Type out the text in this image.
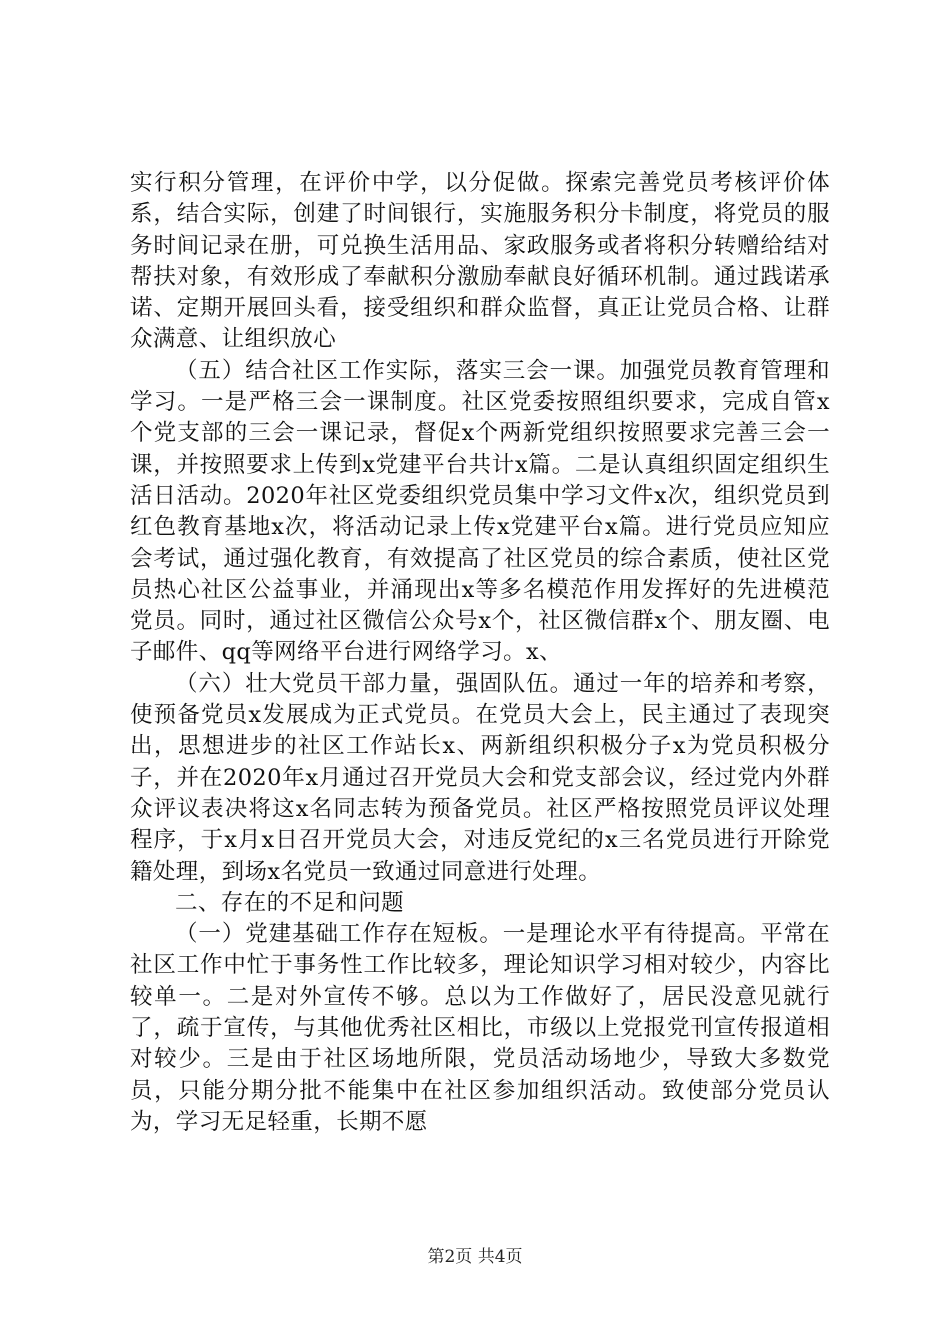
实行积分管理，在评价中学，以分促做。探索完善党员考核评价体系，结合实际，创建了时间银行，实施服务积分卡制度，将党员的服务时间记录在册，可兑换生活用品、家政服务或者将积分转赠给结对帮扶对象，有效形成了奉献积分激励奉献良好循环机制。通过践诺承诺、定期开展回头看，接受组织和群众监督，真正让党员合格、让群众满意、让组织放心

（五）结合社区工作实际，落实三会一课。加强党员教育管理和学习。一是严格三会一课制度。社区党委按照组织要求，完成自管x个党支部的三会一课记录，督促x个两新党组织按照要求完善三会一课，并按照要求上传到x党建平台共计x篇。二是认真组织固定组织生活日活动。2020年社区党委组织党员集中学习文件x次，组织党员到红色教育基地x次，将活动记录上传x党建平台x篇。进行党员应知应会考试，通过强化教育，有效提高了社区党员的综合素质，使社区党员热心社区公益事业，并涌现出x等多名模范作用发挥好的先进模范党员。同时，通过社区微信公众号x个，社区微信群x个、朋友圈、电子邮件、qq等网络平台进行网络学习。x、

（六）壮大党员干部力量，强固队伍。通过一年的培养和考察，使预备党员x发展成为正式党员。在党员大会上，民主通过了表现突出，思想进步的社区工作站长x、两新组织积极分子x为党员积极分子，并在2020年x月通过召开党员大会和党支部会议，经过党内外群众评议表决将这x名同志转为预备党员。社区严格按照党员评议处理程序，于x月x日召开党员大会，对违反党纪的x三名党员进行开除党籍处理，到场x名党员一致通过同意进行处理。

二、存在的不足和问题

（一）党建基础工作存在短板。一是理论水平有待提高。平常在社区工作中忙于事务性工作比较多，理论知识学习相对较少，内容比较单一。二是对外宣传不够。总以为工作做好了，居民没意见就行了，疏于宣传，与其他优秀社区相比，市级以上党报党刊宣传报道相对较少。三是由于社区场地所限，党员活动场地少，导致大多数党员，只能分期分批不能集中在社区参加组织活动。致使部分党员认为，学习无足轻重，长期不愿

第2页 共4页
